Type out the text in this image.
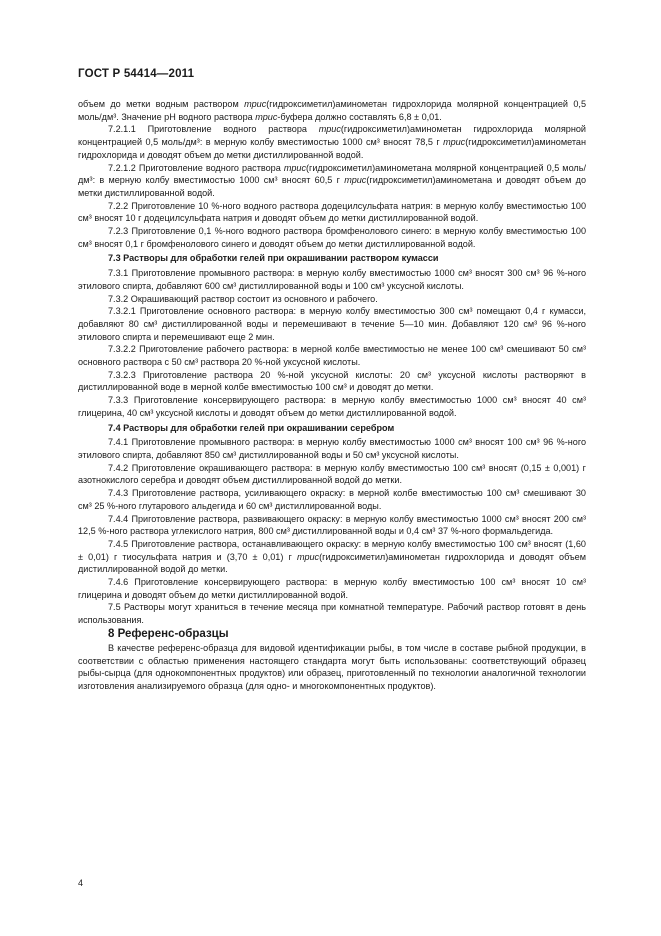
ГОСТ Р 54414—2011

объем до метки водным раствором трис(гидроксиметил)аминометан гидрохлорида молярной концентрацией 0,5 моль/дм³. Значение pH водного раствора трис-буфера должно составлять 6,8 ± 0,01.

7.2.1.1 Приготовление водного раствора трис(гидроксиметил)аминометан гидрохлорида молярной концентрацией 0,5 моль/дм³: в мерную колбу вместимостью 1000 см³ вносят 78,5 г трис(гидроксиметил)аминометан гидрохлорида и доводят объем до метки дистиллированной водой.

7.2.1.2 Приготовление водного раствора трис(гидроксиметил)аминометана молярной концентрацией 0,5 моль/дм³: в мерную колбу вместимостью 1000 см³ вносят 60,5 г трис(гидроксиметил)аминометана и доводят объем до метки дистиллированной водой.

7.2.2 Приготовление 10 %-ного водного раствора додецилсульфата натрия: в мерную колбу вместимостью 100 см³ вносят 10 г додецилсульфата натрия и доводят объем до метки дистиллированной водой.

7.2.3 Приготовление 0,1 %-ного водного раствора бромфенолового синего: в мерную колбу вместимостью 100 см³ вносят 0,1 г бромфенолового синего и доводят объем до метки дистиллированной водой.

7.3 Растворы для обработки гелей при окрашивании раствором кумасси

7.3.1 Приготовление промывного раствора: в мерную колбу вместимостью 1000 см³ вносят 300 см³ 96 %-ного этилового спирта, добавляют 600 см³ дистиллированной воды и 100 см³ уксусной кислоты.

7.3.2 Окрашивающий раствор состоит из основного и рабочего.

7.3.2.1 Приготовление основного раствора: в мерную колбу вместимостью 300 см³ помещают 0,4 г кумасси, добавляют 80 см³ дистиллированной воды и перемешивают в течение 5—10 мин. Добавляют 120 см³ 96 %-ного этилового спирта и перемешивают еще 2 мин.

7.3.2.2 Приготовление рабочего раствора: в мерной колбе вместимостью не менее 100 см³ смешивают 50 см³ основного раствора с 50 см³ раствора 20 %-ной уксусной кислоты.

7.3.2.3 Приготовление раствора 20 %-ной уксусной кислоты: 20 см³ уксусной кислоты растворяют в дистиллированной воде в мерной колбе вместимостью 100 см³ и доводят до метки.

7.3.3 Приготовление консервирующего раствора: в мерную колбу вместимостью 1000 см³ вносят 40 см³ глицерина, 40 см³ уксусной кислоты и доводят объем до метки дистиллированной водой.

7.4 Растворы для обработки гелей при окрашивании серебром

7.4.1 Приготовление промывного раствора: в мерную колбу вместимостью 1000 см³ вносят 100 см³ 96 %-ного этилового спирта, добавляют 850 см³ дистиллированной воды и 50 см³ уксусной кислоты.

7.4.2 Приготовление окрашивающего раствора: в мерную колбу вместимостью 100 см³ вносят (0,15 ± 0,001) г азотнокислого серебра и доводят объем дистиллированной водой до метки.

7.4.3 Приготовление раствора, усиливающего окраску: в мерной колбе вместимостью 100 см³ смешивают 30 см³ 25 %-ного глутарового альдегида и 60 см³ дистиллированной воды.

7.4.4 Приготовление раствора, развивающего окраску: в мерную колбу вместимостью 1000 см³ вносят 200 см³ 12,5 %-ного раствора углекислого натрия, 800 см³ дистиллированной воды и 0,4 см³ 37 %-ного формальдегида.

7.4.5 Приготовление раствора, останавливающего окраску: в мерную колбу вместимостью 100 см³ вносят (1,60 ± 0,01) г тиосульфата натрия и (3,70 ± 0,01) г трис(гидроксиметил)аминометан гидрохлорида и доводят объем дистиллированной водой до метки.

7.4.6 Приготовление консервирующего раствора: в мерную колбу вместимостью 100 см³ вносят 10 см³ глицерина и доводят объем до метки дистиллированной водой.

7.5 Растворы могут храниться в течение месяца при комнатной температуре. Рабочий раствор готовят в день использования.

8 Референс-образцы

В качестве референс-образца для видовой идентификации рыбы, в том числе в составе рыбной продукции, в соответствии с областью применения настоящего стандарта могут быть использованы: соответствующий образец рыбы-сырца (для однокомпонентных продуктов) или образец, приготовленный по технологии аналогичной технологии изготовления анализируемого образца (для одно- и многокомпонентных продуктов).

4
